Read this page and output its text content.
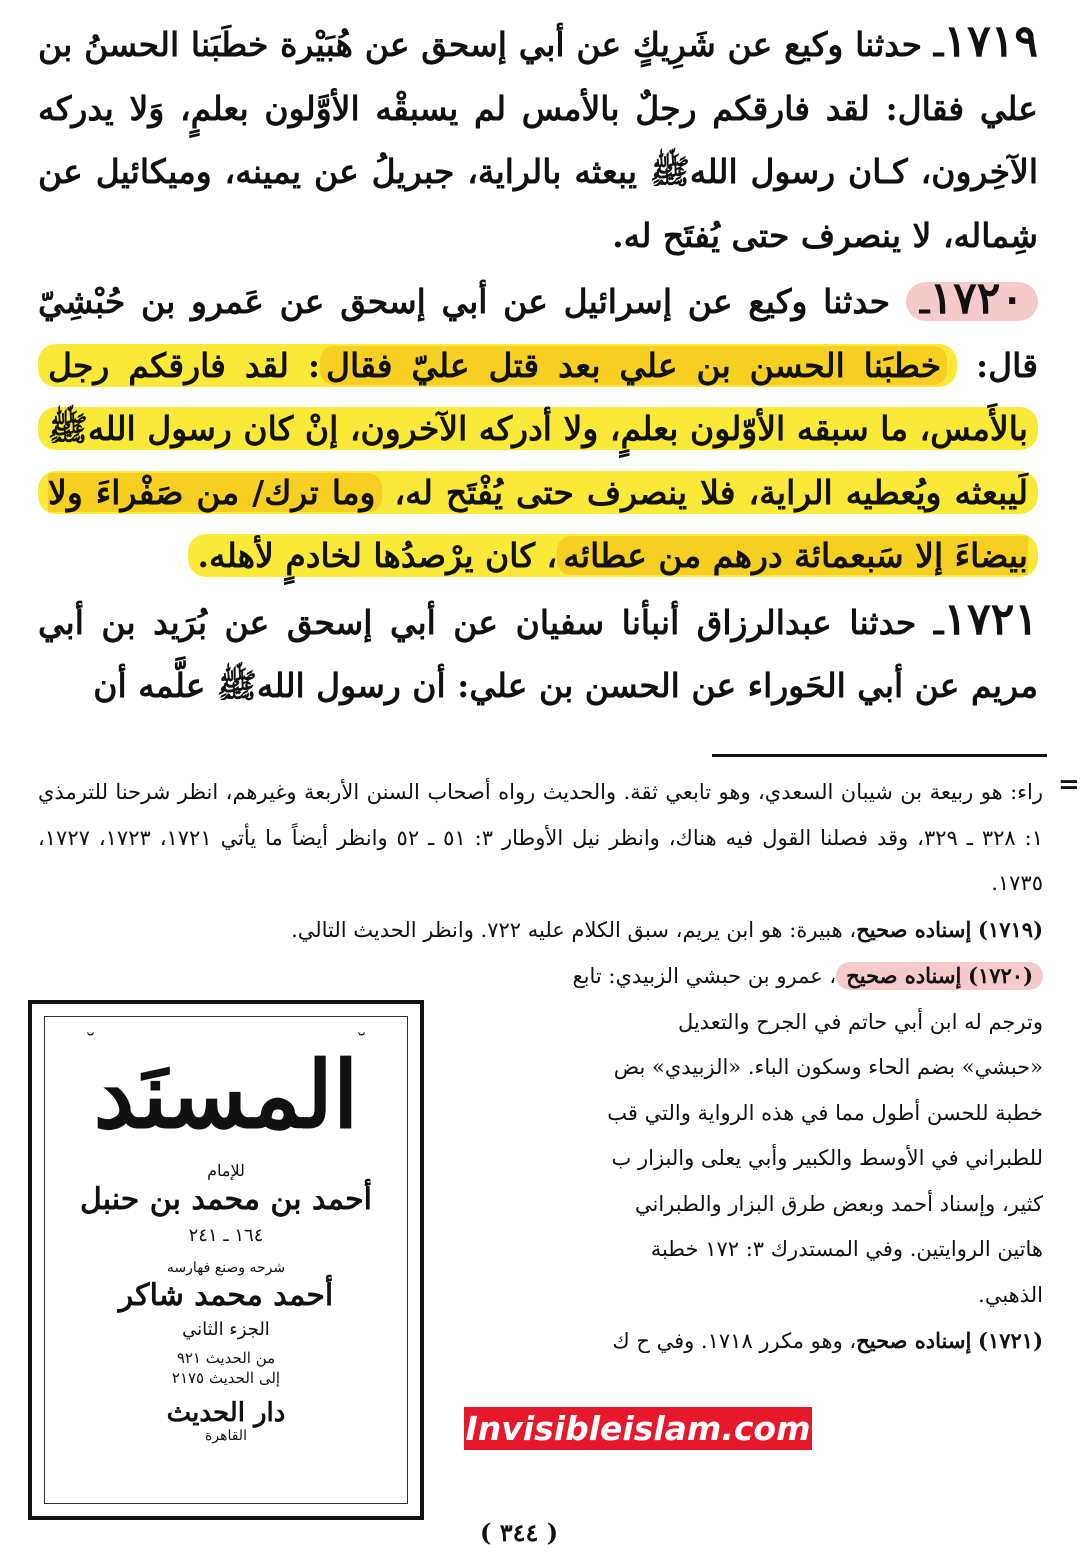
١٧١٩ـ حدثنا وكيع عن شَرِيكٍ عن أبي إسحق عن هُبَيْرة خطَبَنا الحسنُ بن علي فقال: لقد فارقكم رجلٌ بالأمس لم يسبقْه الأوَّلون بعلمٍ، وَلا يدركه الآخِرون، كـان رسول اللهﷺ يبعثه بالراية، جبريلُ عن يمينه، وميكائيل عن شِماله، لا ينصرف حتى يُفتَح له.

١٧٢٠ـ حدثنا وكيع عن إسرائيل عن أبي إسحق عن عَمرو بن حُبْشِيّ قال: خطبَنا الحسن بن علي بعد قتل عليّ فقال: لقد فارقكم رجل بالأَمس، ما سبقه الأوّلون بعلمٍ، ولا أدركه الآخرون، إنْ كان رسول اللهﷺ لَيبعثه ويُعطيه الراية، فلا ينصرف حتى يُفْتَح له، وما ترك/ من صَفْراءَ ولا بيضاءَ إلا سَبعمائة درهم من عطائه، كان يرْصدُها لخادمٍ لأهله.

١٧٢١ـ حدثنا عبدالرزاق أنبأنا سفيان عن أبي إسحق عن بُرَيد بن أبي مريم عن أبي الحَوراء عن الحسن بن علي: أن رسول اللهﷺ علَّمه أن

=

راء: هو ربيعة بن شيبان السعدي، وهو تابعي ثقة. والحديث رواه أصحاب السنن الأربعة وغيرهم، انظر شرحنا للترمذي ١: ٣٢٨ ـ ٣٢٩، وقد فصلنا القول فيه هناك، وانظر نيل الأوطار ٣: ٥١ ـ ٥٢ وانظر أيضاً ما يأتي ١٧٢١، ١٧٢٣، ١٧٢٧، ١٧٣٥.

(١٧١٩) إسناده صحيح، هبيرة: هو ابن يريم، سبق الكلام عليه ٧٢٢. وانظر الحديث التالي.

(١٧٢٠) إسناده صحيح، عمرو بن حبشي الزبيدي: تابع

وترجم له ابن أبي حاتم في الجرح والتعديل

«حبشي» بضم الحاء وسكون الباء. «الزبيدي» بض

خطبة للحسن أطول مما في هذه الرواية والتي قب

للطبراني في الأوسط والكبير وأبي يعلى والبزار ب

كثير، وإسناد أحمد وبعض طرق البزار والطبراني

هاتين الروايتين. وفي المستدرك ٣: ١٧٢ خطبة

الذهبي.

(١٧٢١) إسناده صحيح، وهو مكرر ١٧١٨. وفي ح ك

( ٣٤٤ )
˘	˘
المسنَد
للإمام
أحمد بن محمد بن حنبل
١٦٤ ـ ٢٤١
شرحه وصنع فهارسه
أحمد محمد شاكر
الجزء الثاني
من الحديث ٩٢١
إلى الحديث ٢١٧٥
دار الحديث
القاهرة	Invisibleislam.com
